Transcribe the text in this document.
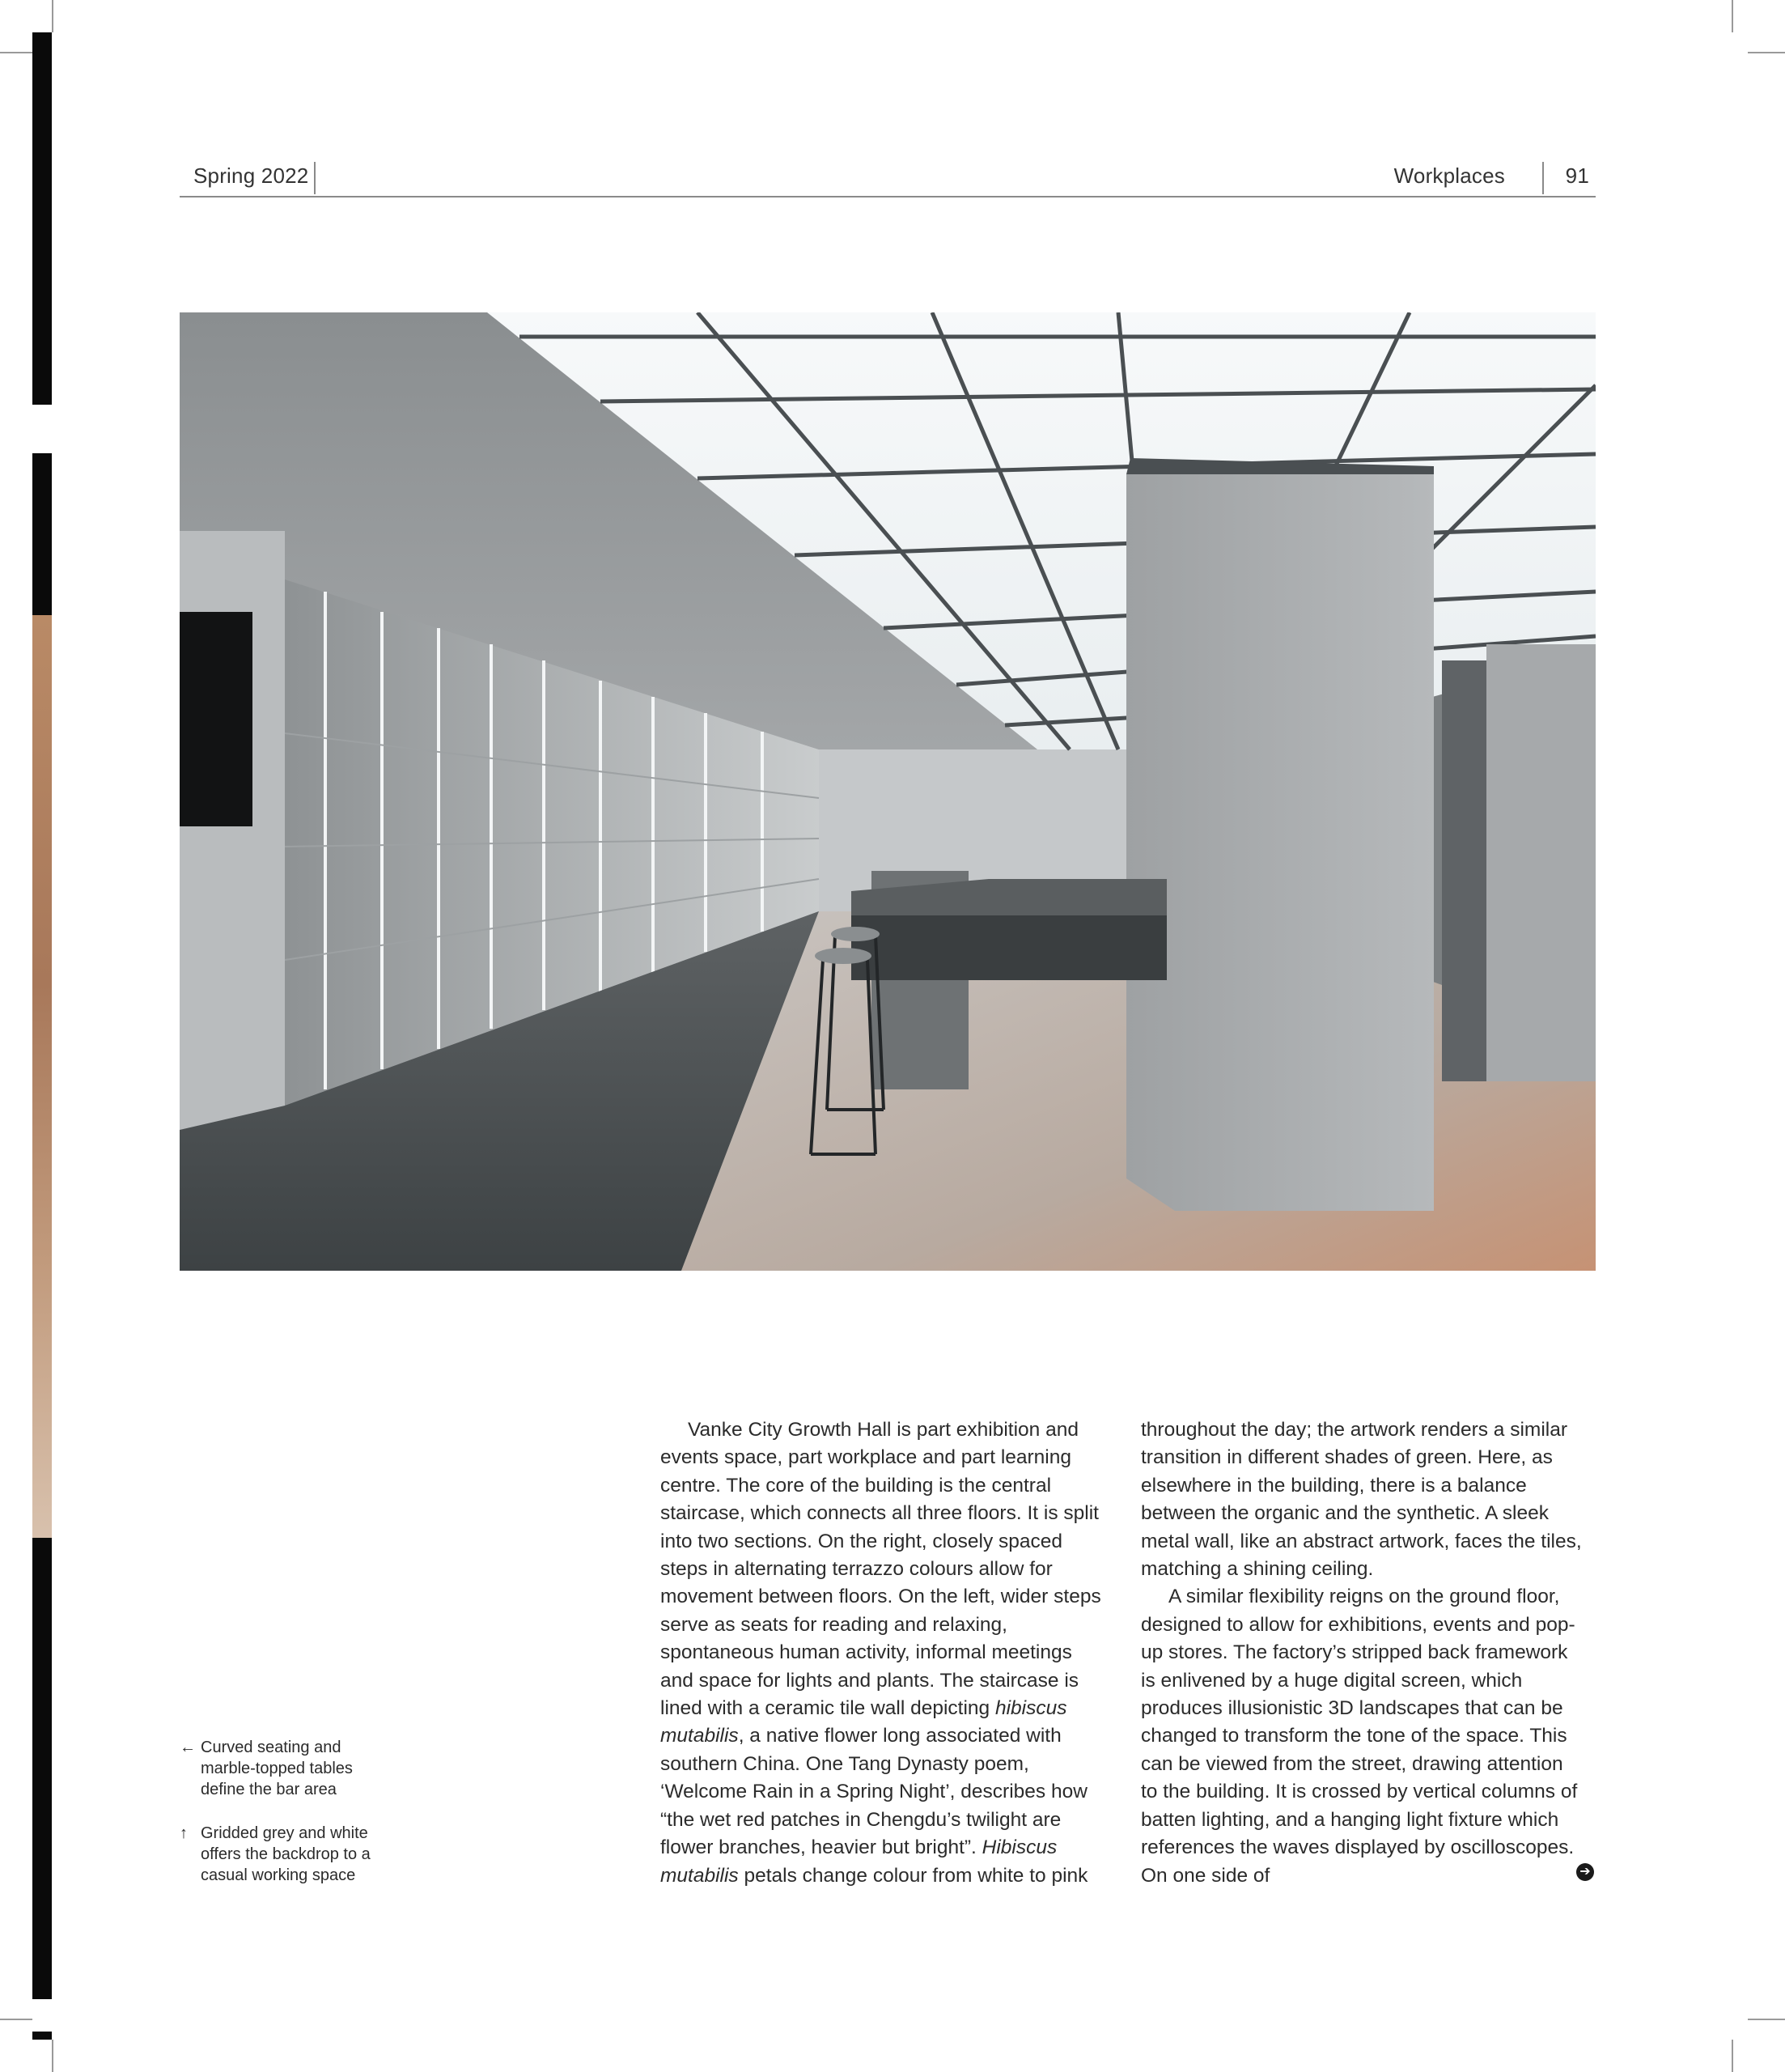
Spring 2022	Workplaces	91
← Curved seating and marble-topped tables define the bar area
↑ Gridded grey and white offers the backdrop to a casual working space

Vanke City Growth Hall is part exhibition and events space, part workplace and part learning centre. The core of the building is the central staircase, which connects all three floors. It is split into two sections. On the right, closely spaced steps in alternating terrazzo colours allow for movement between floors. On the left, wider steps serve as seats for reading and relaxing, spontaneous human activity, informal meetings and space for lights and plants. The staircase is lined with a ceramic tile wall depicting hibiscus mutabilis, a native flower long associated with southern China. One Tang Dynasty poem, ‘Welcome Rain in a Spring Night’, describes how “the wet red patches in Chengdu’s twilight are flower branches, heavier but bright”. Hibiscus mutabilis petals change colour from white to pink

throughout the day; the artwork renders a similar transition in different shades of green. Here, as elsewhere in the building, there is a balance between the organic and the synthetic. A sleek metal wall, like an abstract artwork, faces the tiles, matching a shining ceiling.

A similar flexibility reigns on the ground floor, designed to allow for exhibitions, events and pop-up stores. The factory’s stripped back framework is enlivened by a huge digital screen, which produces illusionistic 3D landscapes that can be changed to transform the tone of the space. This can be viewed from the street, drawing attention to the building. It is crossed by vertical columns of batten lighting, and a hanging light fixture which references the waves displayed by oscilloscopes. On one side of	➔
